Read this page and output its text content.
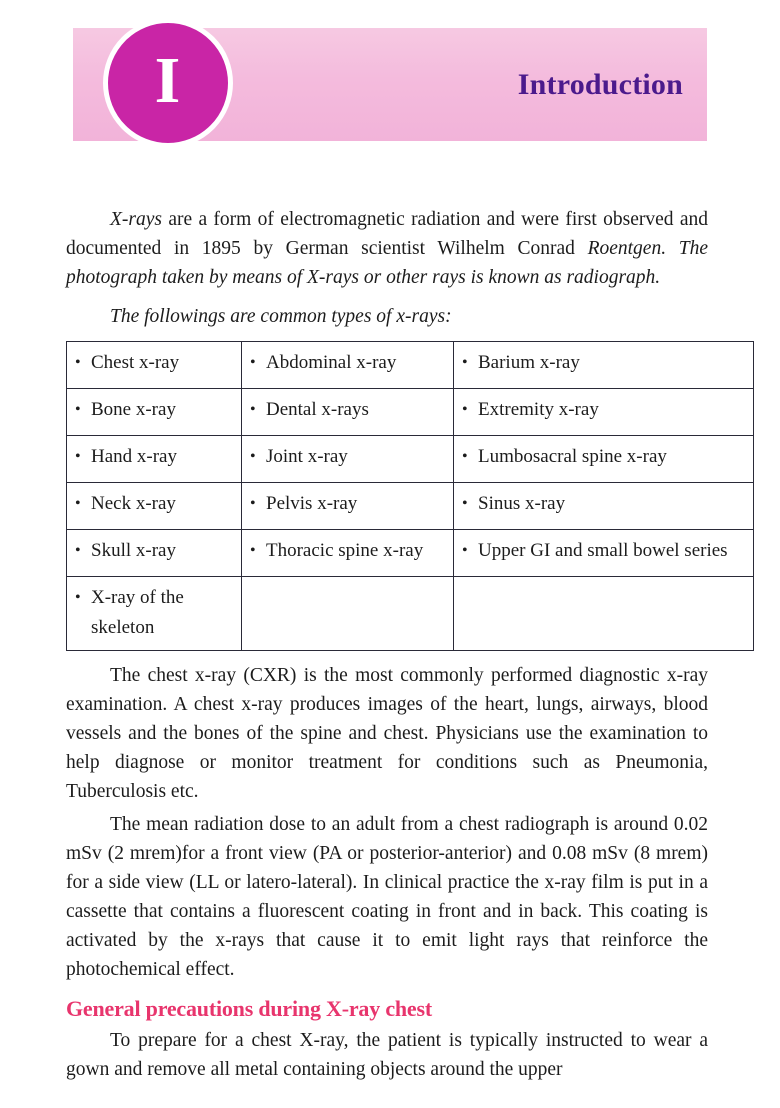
I	Introduction

X-rays are a form of electromagnetic radiation and were first observed and documented in 1895 by German scientist Wilhelm Conrad Roentgen. The photograph taken by means of X-rays or other rays is known as radiograph.

The followings are common types of x-rays:

• Chest x-ray	• Abdominal x-ray	• Barium x-ray

• Bone x-ray	• Dental x-rays	• Extremity x-ray

• Hand x-ray	• Joint x-ray	• Lumbosacral spine x-ray

• Neck x-ray	• Pelvis x-ray	• Sinus x-ray

• Skull x-ray	• Thoracic spine x-ray	• Upper GI and small bowel series

• X-ray of the skeleton		

The chest x-ray (CXR) is the most commonly performed diagnostic x-ray examination. A chest x-ray produces images of the heart, lungs, airways, blood vessels and the bones of the spine and chest. Physicians use the examination to help diagnose or monitor treatment for conditions such as Pneumonia, Tuberculosis etc.

The mean radiation dose to an adult from a chest radiograph is around 0.02 mSv (2 mrem)for a front view (PA or posterior-anterior) and 0.08 mSv (8 mrem) for a side view (LL or latero-lateral). In clinical practice the x-ray film is put in a cassette that contains a fluorescent coating in front and in back. This coating is activated by the x-rays that cause it to emit light rays that reinforce the photochemical effect.

General precautions during X-ray chest

To prepare for a chest X-ray, the patient is typically instructed to wear a gown and remove all metal containing objects around the upper
